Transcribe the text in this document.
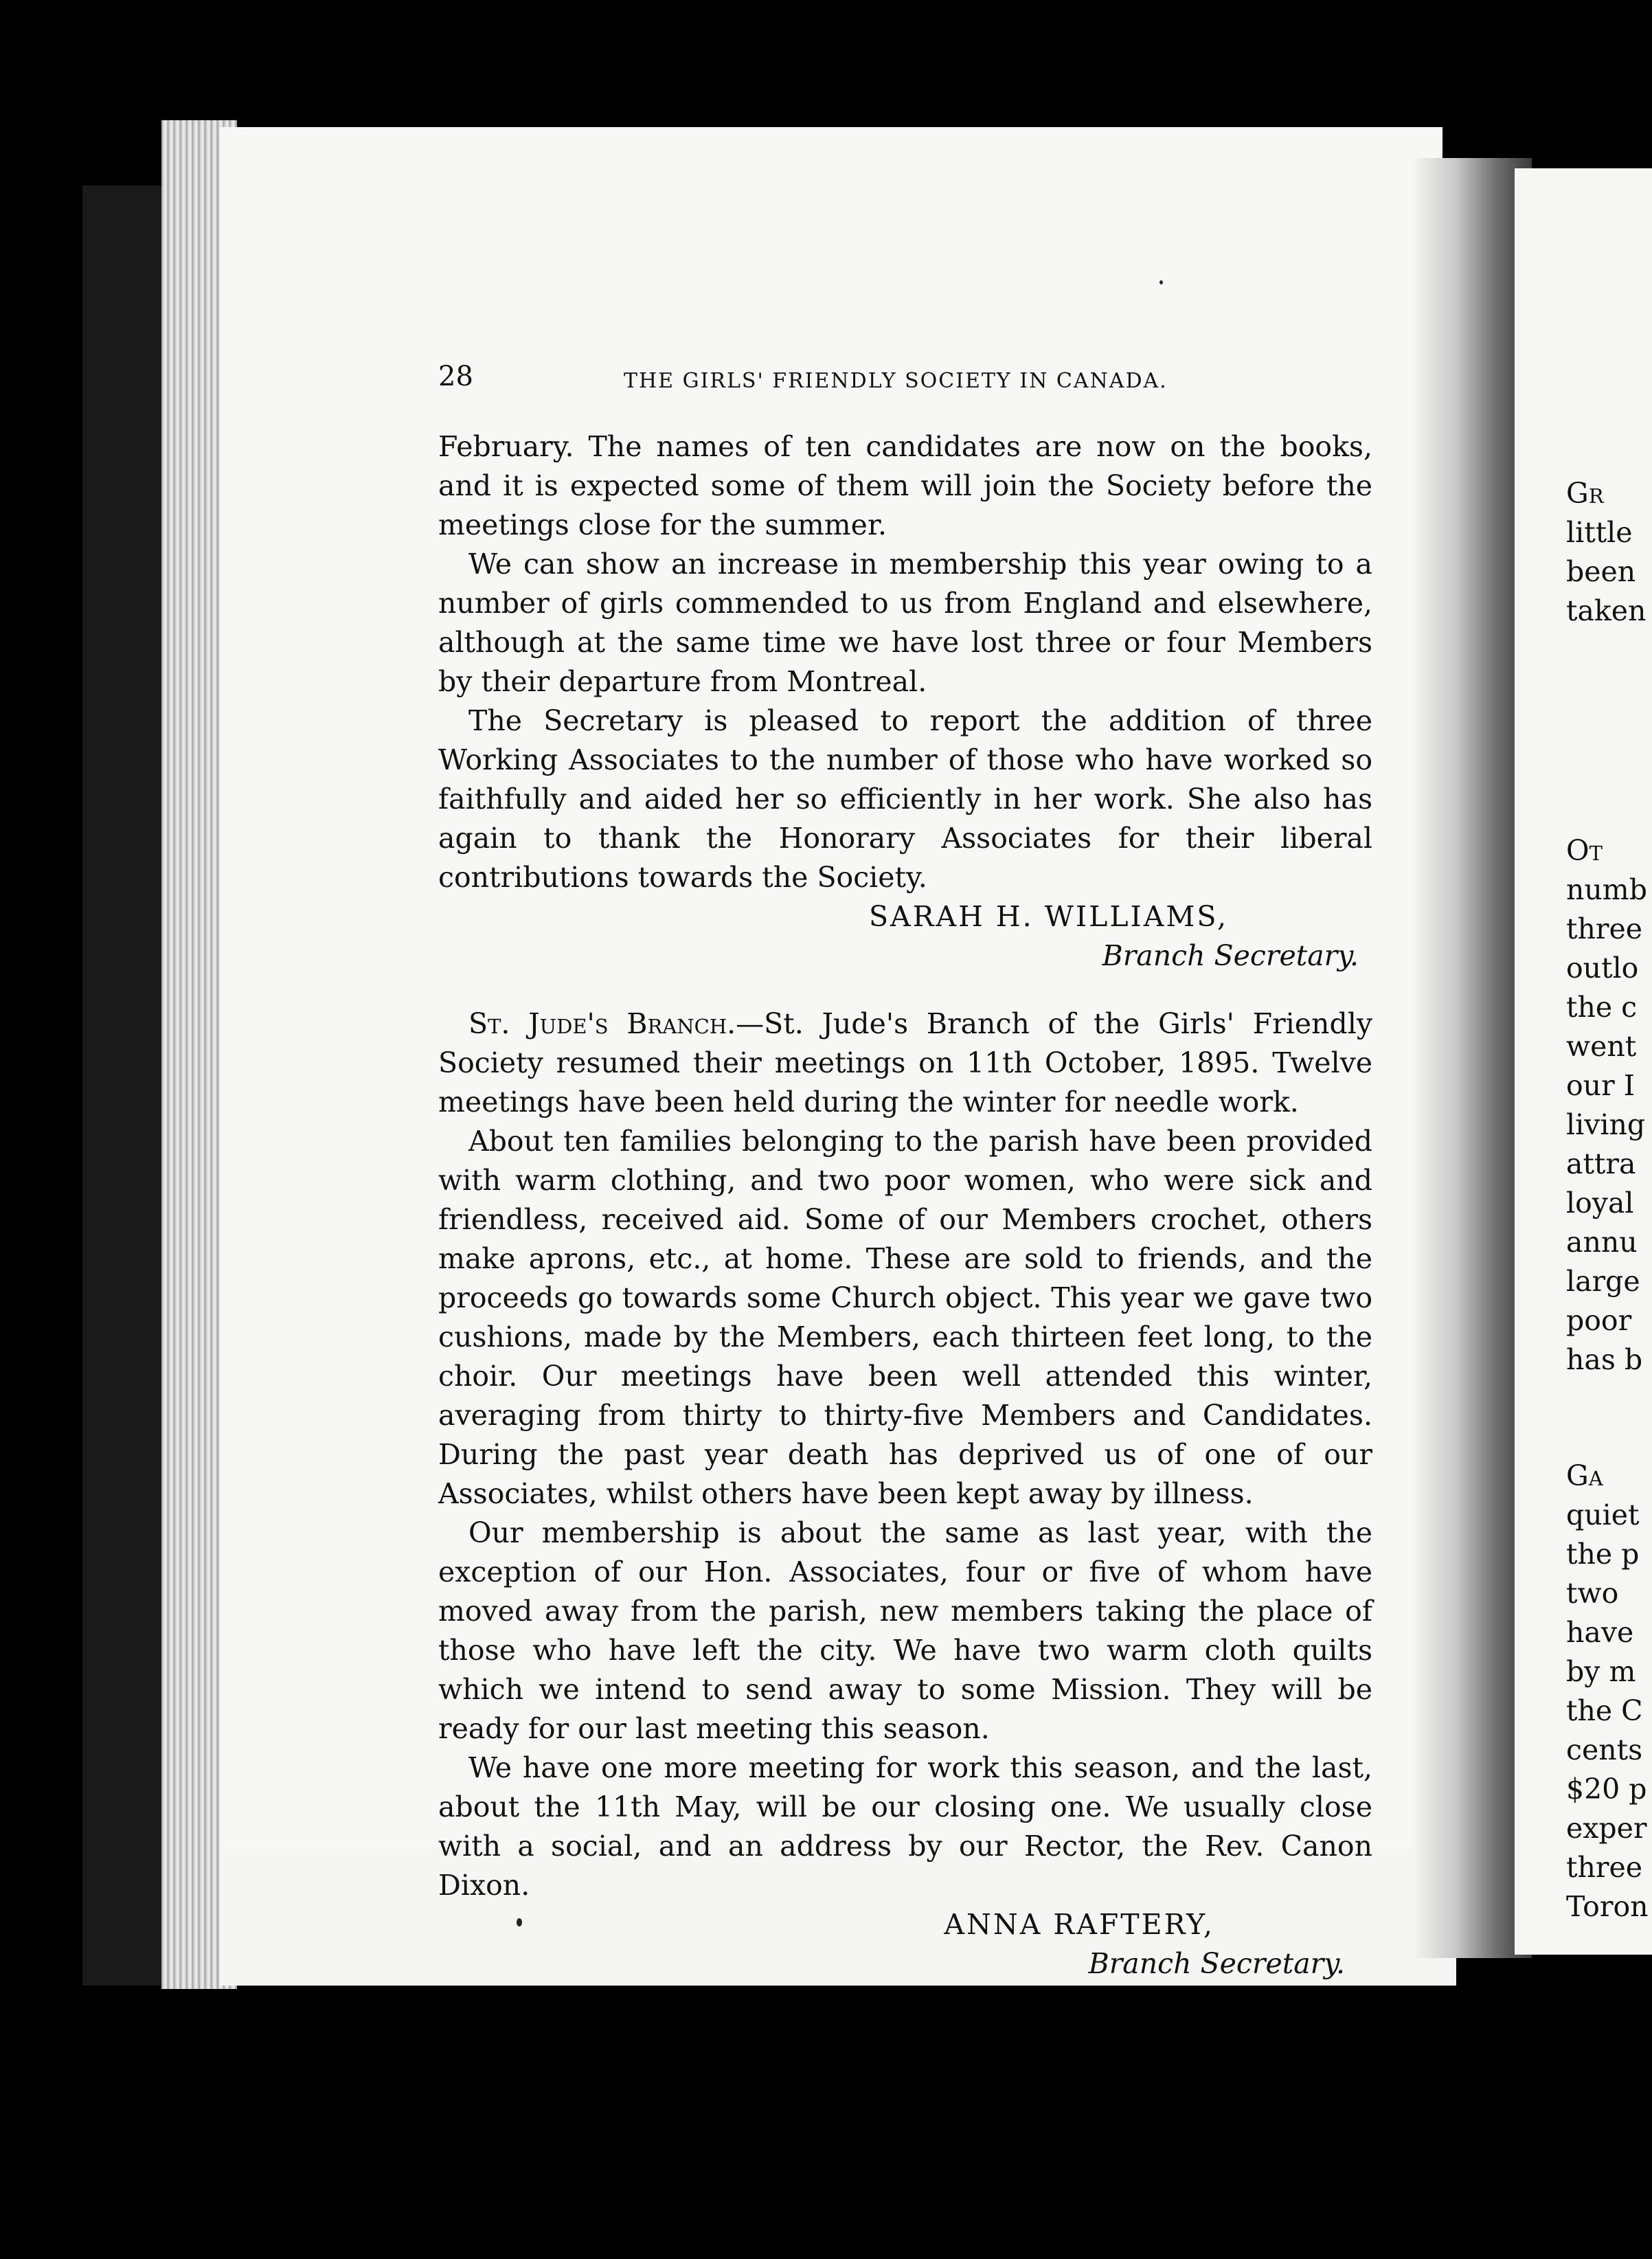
28	THE GIRLS' FRIENDLY SOCIETY IN CANADA.

February. The names of ten candidates are now on the books, and it is expected some of them will join the Society before the meetings close for the summer.

We can show an increase in membership this year owing to a number of girls commended to us from England and elsewhere, although at the same time we have lost three or four Members by their departure from Montreal.

The Secretary is pleased to report the addition of three Working Associates to the number of those who have worked so faithfully and aided her so efficiently in her work. She also has again to thank the Honorary Associates for their liberal contributions towards the Society.

SARAH H. WILLIAMS,
Branch Secretary.

St. Jude's Branch.—St. Jude's Branch of the Girls' Friendly Society resumed their meetings on 11th October, 1895. Twelve meetings have been held during the winter for needle work.

About ten families belonging to the parish have been provided with warm clothing, and two poor women, who were sick and friendless, received aid. Some of our Members crochet, others make aprons, etc., at home. These are sold to friends, and the proceeds go towards some Church object. This year we gave two cushions, made by the Members, each thirteen feet long, to the choir. Our meetings have been well attended this winter, averaging from thirty to thirty-five Members and Candidates. During the past year death has deprived us of one of our Associates, whilst others have been kept away by illness.

Our membership is about the same as last year, with the exception of our Hon. Associates, four or five of whom have moved away from the parish, new members taking the place of those who have left the city. We have two warm cloth quilts which we intend to send away to some Mission. They will be ready for our last meeting this season.

We have one more meeting for work this season, and the last, about the 11th May, will be our closing one. We usually close with a social, and an address by our Rector, the Rev. Canon Dixon.

ANNA RAFTERY,
Branch Secretary.
Gr
little
been
taken
Ot
numb
three
outlo
the c
went
our I
living
attra
loyal
annu
large
poor
has b
Ga
quiet
the p
two
have
by m
the C
cents
$20 p
exper
three
Toron
